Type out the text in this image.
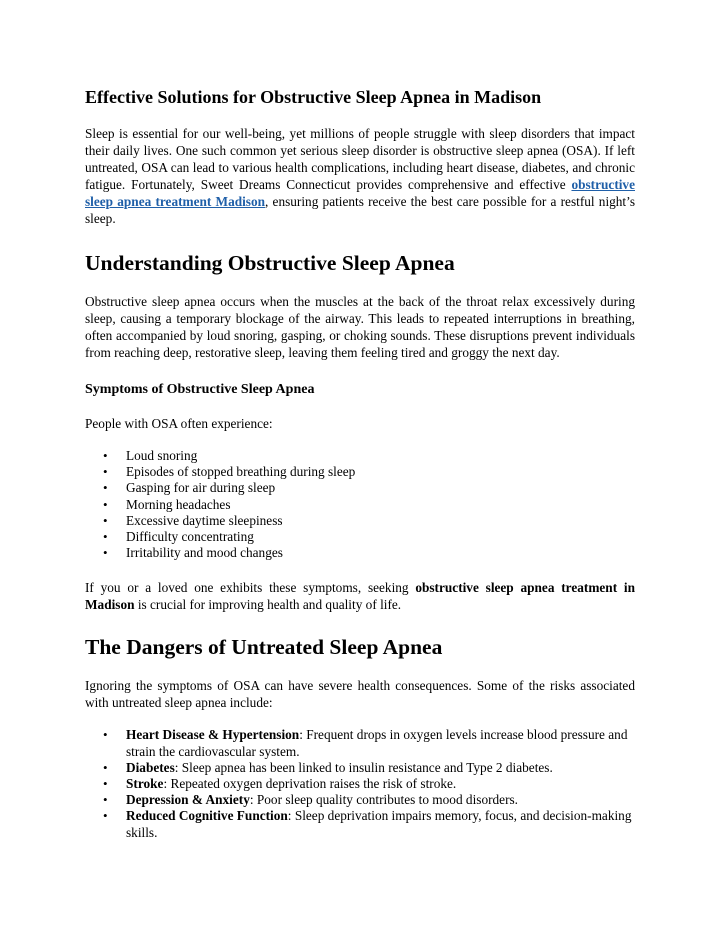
Effective Solutions for Obstructive Sleep Apnea in Madison

Sleep is essential for our well-being, yet millions of people struggle with sleep disorders that impact their daily lives. One such common yet serious sleep disorder is obstructive sleep apnea (OSA). If left untreated, OSA can lead to various health complications, including heart disease, diabetes, and chronic fatigue. Fortunately, Sweet Dreams Connecticut provides comprehensive and effective obstructive sleep apnea treatment Madison, ensuring patients receive the best care possible for a restful night’s sleep.

Understanding Obstructive Sleep Apnea

Obstructive sleep apnea occurs when the muscles at the back of the throat relax excessively during sleep, causing a temporary blockage of the airway. This leads to repeated interruptions in breathing, often accompanied by loud snoring, gasping, or choking sounds. These disruptions prevent individuals from reaching deep, restorative sleep, leaving them feeling tired and groggy the next day.

Symptoms of Obstructive Sleep Apnea

People with OSA often experience:

• Loud snoring
• Episodes of stopped breathing during sleep
• Gasping for air during sleep
• Morning headaches
• Excessive daytime sleepiness
• Difficulty concentrating
• Irritability and mood changes

If you or a loved one exhibits these symptoms, seeking obstructive sleep apnea treatment in Madison is crucial for improving health and quality of life.

The Dangers of Untreated Sleep Apnea

Ignoring the symptoms of OSA can have severe health consequences. Some of the risks associated with untreated sleep apnea include:

• Heart Disease & Hypertension: Frequent drops in oxygen levels increase blood pressure and strain the cardiovascular system.
• Diabetes: Sleep apnea has been linked to insulin resistance and Type 2 diabetes.
• Stroke: Repeated oxygen deprivation raises the risk of stroke.
• Depression & Anxiety: Poor sleep quality contributes to mood disorders.
• Reduced Cognitive Function: Sleep deprivation impairs memory, focus, and decision-making skills.
